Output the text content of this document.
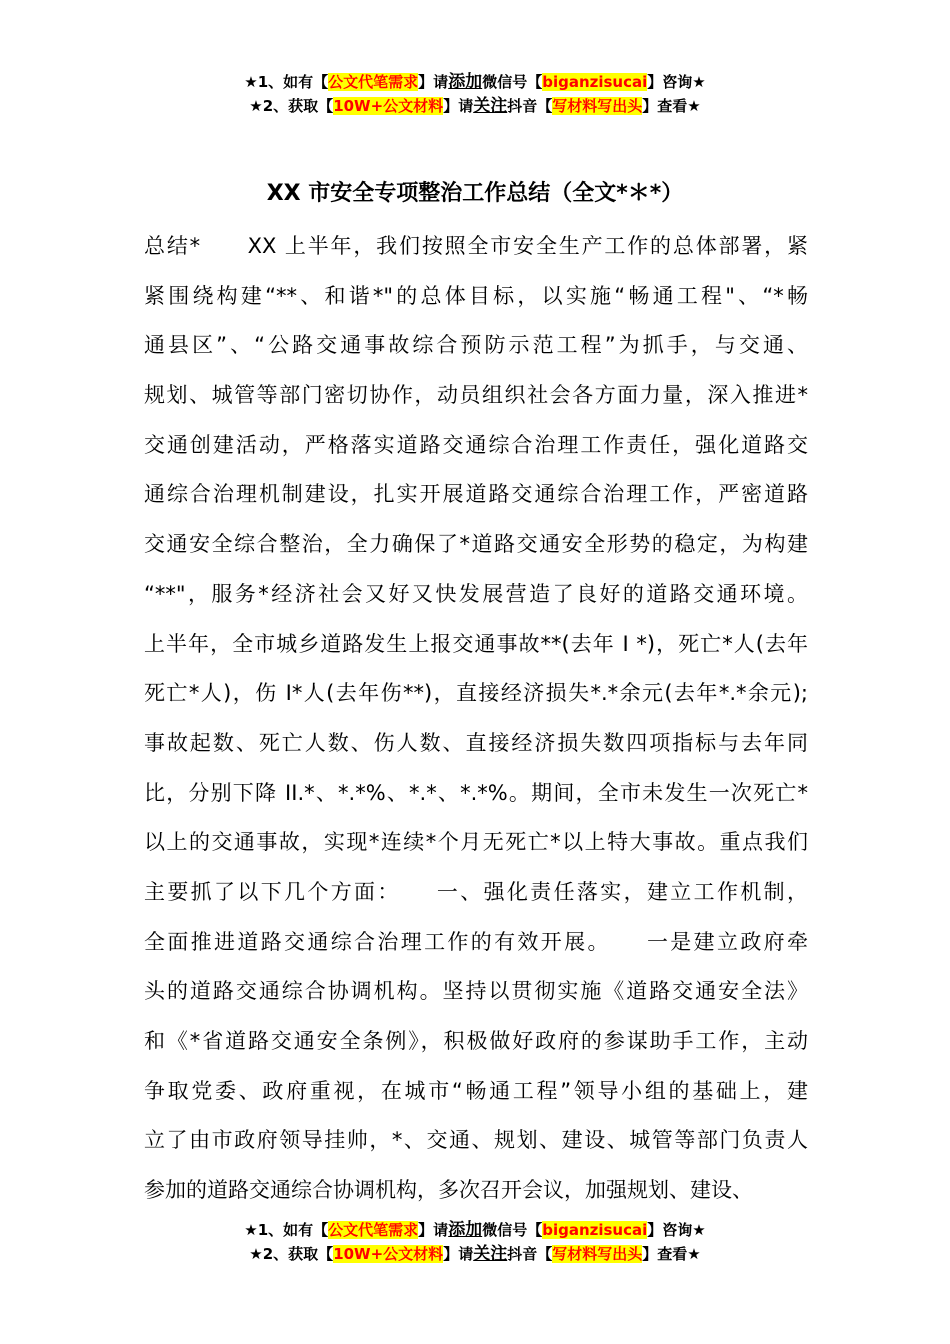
★1、如有【公文代笔需求】请添加微信号【biganzisucai】咨询★
★2、获取【10W+公文材料】请关注抖音【写材料写出头】查看★
XX 市安全专项整治工作总结（全文*＊*）
总结*　　XX 上半年，我们按照全市安全生产工作的总体部署，紧
紧围绕构建“**、和谐*"的总体目标，以实施“畅通工程"、“*畅
通县区”、“公路交通事故综合预防示范工程”为抓手，与交通、
规划、城管等部门密切协作，动员组织社会各方面力量，深入推进*
交通创建活动，严格落实道路交通综合治理工作责任，强化道路交
通综合治理机制建设，扎实开展道路交通综合治理工作，严密道路
交通安全综合整治，全力确保了*道路交通安全形势的稳定，为构建
“**"，服务*经济社会又好又快发展营造了良好的道路交通环境。
上半年，全市城乡道路发生上报交通事故**(去年 I *)，死亡*人(去年
死亡*人)，伤 I*人(去年伤**)，直接经济损失*.*余元(去年*.*余元);
事故起数、死亡人数、伤人数、直接经济损失数四项指标与去年同
比，分别下降 II.*、*.*%、*.*、*.*%。期间，全市未发生一次死亡*
以上的交通事故，实现*连续*个月无死亡*以上特大事故。重点我们
主要抓了以下几个方面：　　一、强化责任落实，建立工作机制，
全面推进道路交通综合治理工作的有效开展。　　一是建立政府牵
头的道路交通综合协调机构。坚持以贯彻实施《道路交通安全法》
和《*省道路交通安全条例》，积极做好政府的参谋助手工作，主动
争取党委、政府重视，在城市“畅通工程”领导小组的基础上，建
立了由市政府领导挂帅，*、交通、规划、建设、城管等部门负责人
参加的道路交通综合协调机构，多次召开会议，加强规划、建设、
★1、如有【公文代笔需求】请添加微信号【biganzisucai】咨询★
★2、获取【10W+公文材料】请关注抖音【写材料写出头】查看★
